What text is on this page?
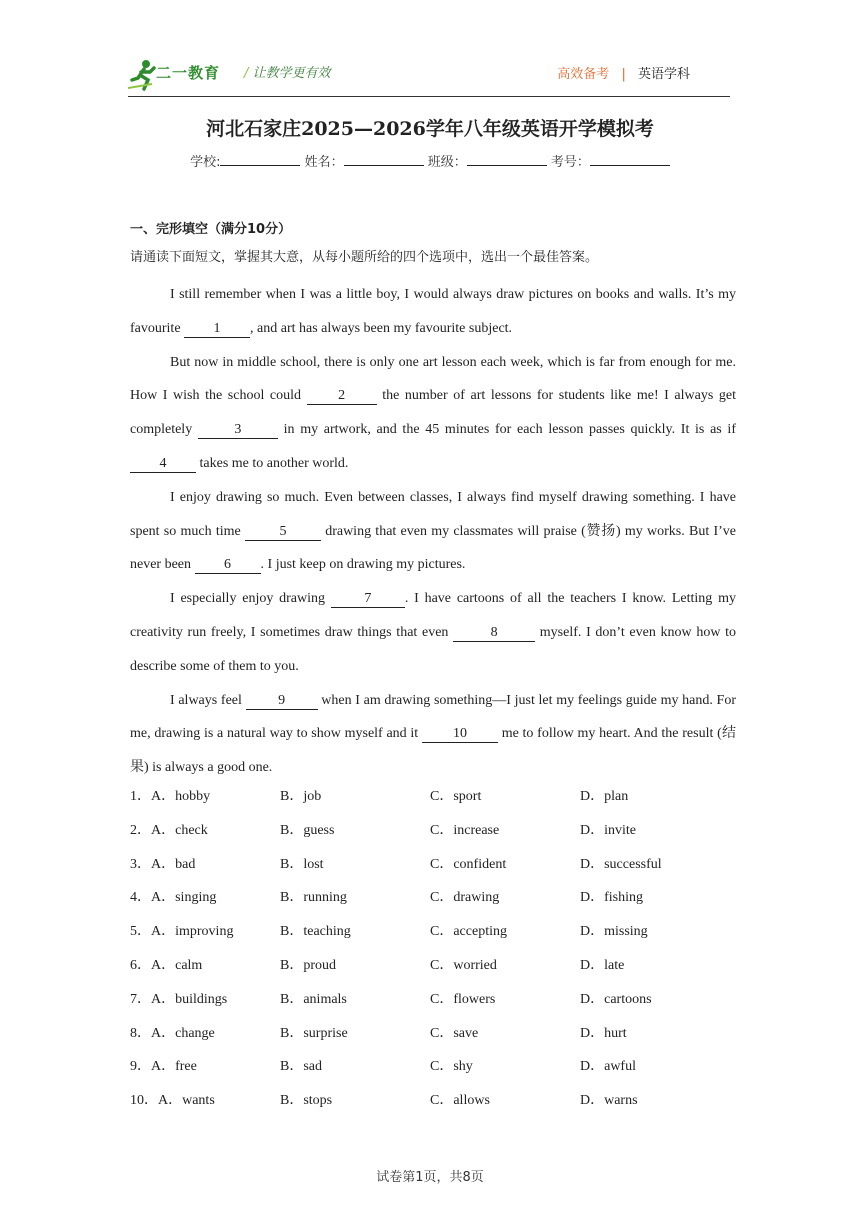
二一教育 / 让教学更有效	高效备考 | 英语学科
河北石家庄2025—2026学年八年级英语开学模拟考
学校:	姓名：	班级：	考号：
一、完形填空（满分10分）
请通读下面短文，掌握其大意，从每小题所给的四个选项中，选出一个最佳答案。

I still remember when I was a little boy, I would always draw pictures on books and walls. It’s my favourite 1 , and art has always been my favourite subject.

But now in middle school, there is only one art lesson each week, which is far from enough for me. How I wish the school could 2 the number of art lessons for students like me! I always get completely	3	in my artwork, and the 45 minutes for each lesson passes quickly. It is as if 4 takes me to another world.

I enjoy drawing so much. Even between classes, I always find myself drawing something. I have spent so much time 5 drawing that even my classmates will praise (赞扬) my works. But I’ve never been 6 . I just keep on drawing my pictures.

I especially enjoy drawing 7 . I have cartoons of all the teachers I know. Letting my creativity run freely, I sometimes draw things that even	8	myself. I don’t even know how to describe some of them to you.

I always feel 9 when I am drawing something—I just let my feelings guide my hand. For me, drawing is a natural way to show myself and it 10 me to follow my heart. And the result (结果) is always a good one.

1．A．hobby	B．job	C．sport	D．plan
2．A．check	B．guess	C．increase	D．invite
3．A．bad	B．lost	C．confident	D．successful
4．A．singing	B．running	C．drawing	D．fishing
5．A．improving	B．teaching	C．accepting	D．missing
6．A．calm	B．proud	C．worried	D．late
7．A．buildings	B．animals	C．flowers	D．cartoons
8．A．change	B．surprise	C．save	D．hurt
9．A．free	B．sad	C．shy	D．awful
10．A．wants	B．stops	C．allows	D．warns
试卷第1页，共8页
